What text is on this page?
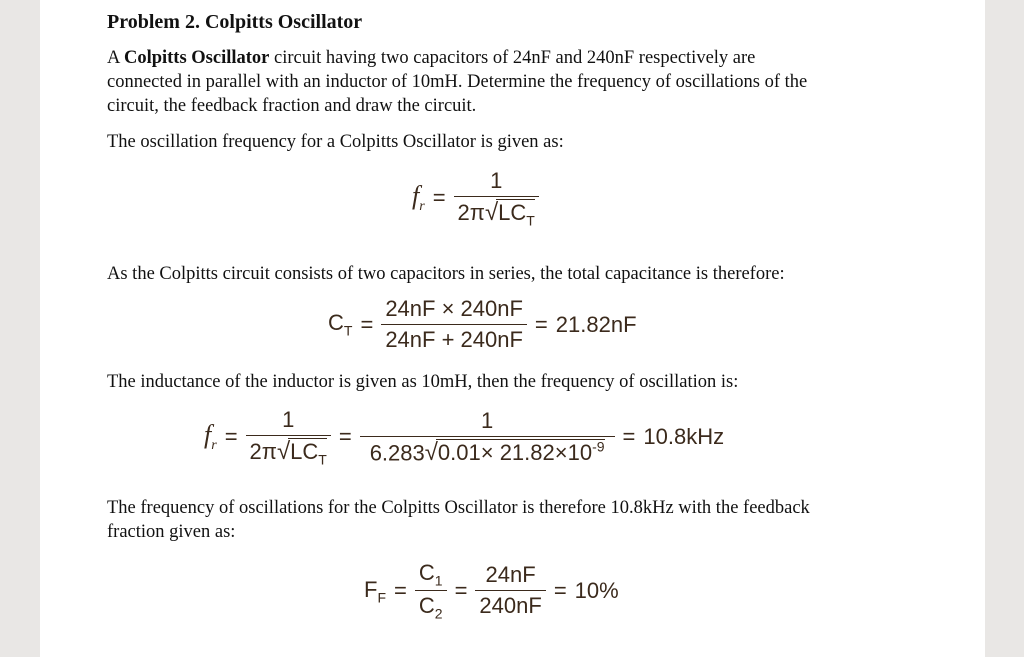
Problem 2. Colpitts Oscillator
A Colpitts Oscillator circuit having two capacitors of 24nF and 240nF respectively are
connected in parallel with an inductor of 10mH. Determine the frequency of oscillations of the
circuit, the feedback fraction and draw the circuit.
The oscillation frequency for a Colpitts Oscillator is given as:
$f_r = \frac{1}{2\pi√LC_T}$
As the Colpitts circuit consists of two capacitors in series, the total capacitance is therefore:
$C_T = \frac{24nF \times 240nF}{24nF + 240nF} = 21.82nF$
The inductance of the inductor is given as 10mH, then the frequency of oscillation is:
$f_r = \frac{1}{2\pi√LC_T} = \frac{1}{6.283√0.01\times 21.82\times 10^{-9}} = 10.8kHz$
The frequency of oscillations for the Colpitts Oscillator is therefore 10.8kHz with the feedback
fraction given as:
$F_F = \frac{C_1}{C_2} = \frac{24nF}{240nF} = 10\%$
